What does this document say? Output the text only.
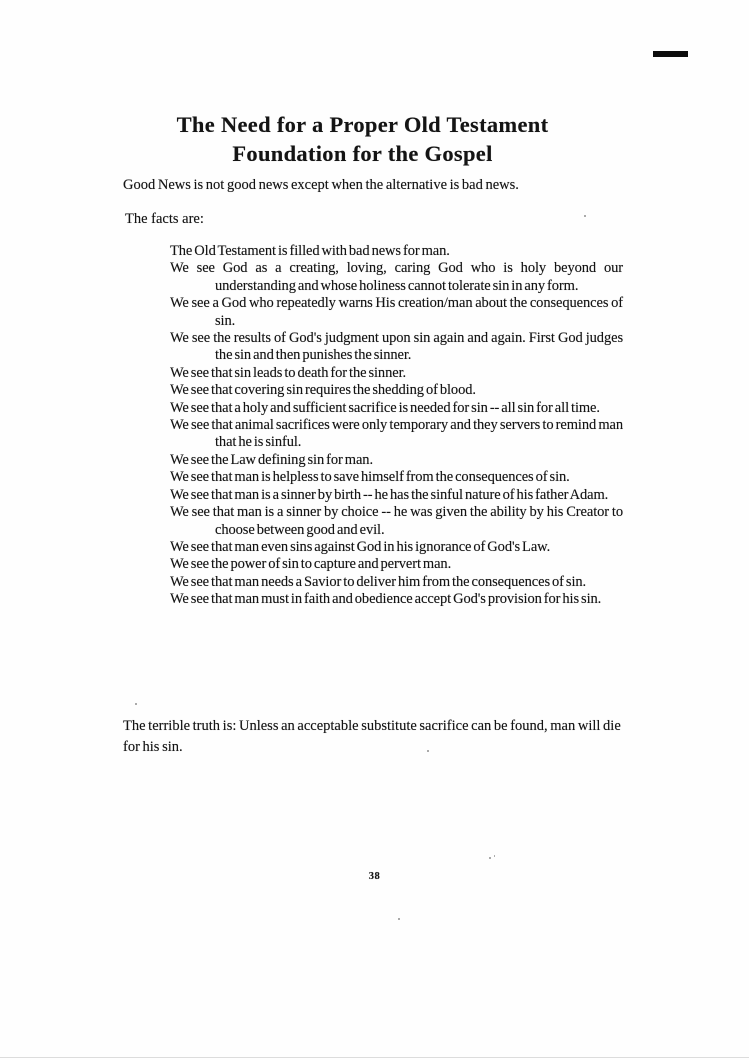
The Need for a Proper Old Testament
Foundation for the Gospel

Good News is not good news except when the alternative is bad news.

The facts are:

The Old Testament is filled with bad news for man.

We see God as a creating, loving, caring God who is holy beyond our understanding and whose holiness cannot tolerate sin in any form.

We see a God who repeatedly warns His creation/man about the consequences of sin.

We see the results of God's judgment upon sin again and again. First God judges the sin and then punishes the sinner.

We see that sin leads to death for the sinner.

We see that covering sin requires the shedding of blood.

We see that a holy and sufficient sacrifice is needed for sin -- all sin for all time.

We see that animal sacrifices were only temporary and they servers to remind man that he is sinful.

We see the Law defining sin for man.

We see that man is helpless to save himself from the consequences of sin.

We see that man is a sinner by birth -- he has the sinful nature of his father Adam.

We see that man is a sinner by choice -- he was given the ability by his Creator to choose between good and evil.

We see that man even sins against God in his ignorance of God's Law.

We see the power of sin to capture and pervert man.

We see that man needs a Savior to deliver him from the consequences of sin.

We see that man must in faith and obedience accept God's provision for his sin.

The terrible truth is: Unless an acceptable substitute sacrifice can be found, man will die for his sin.

38
